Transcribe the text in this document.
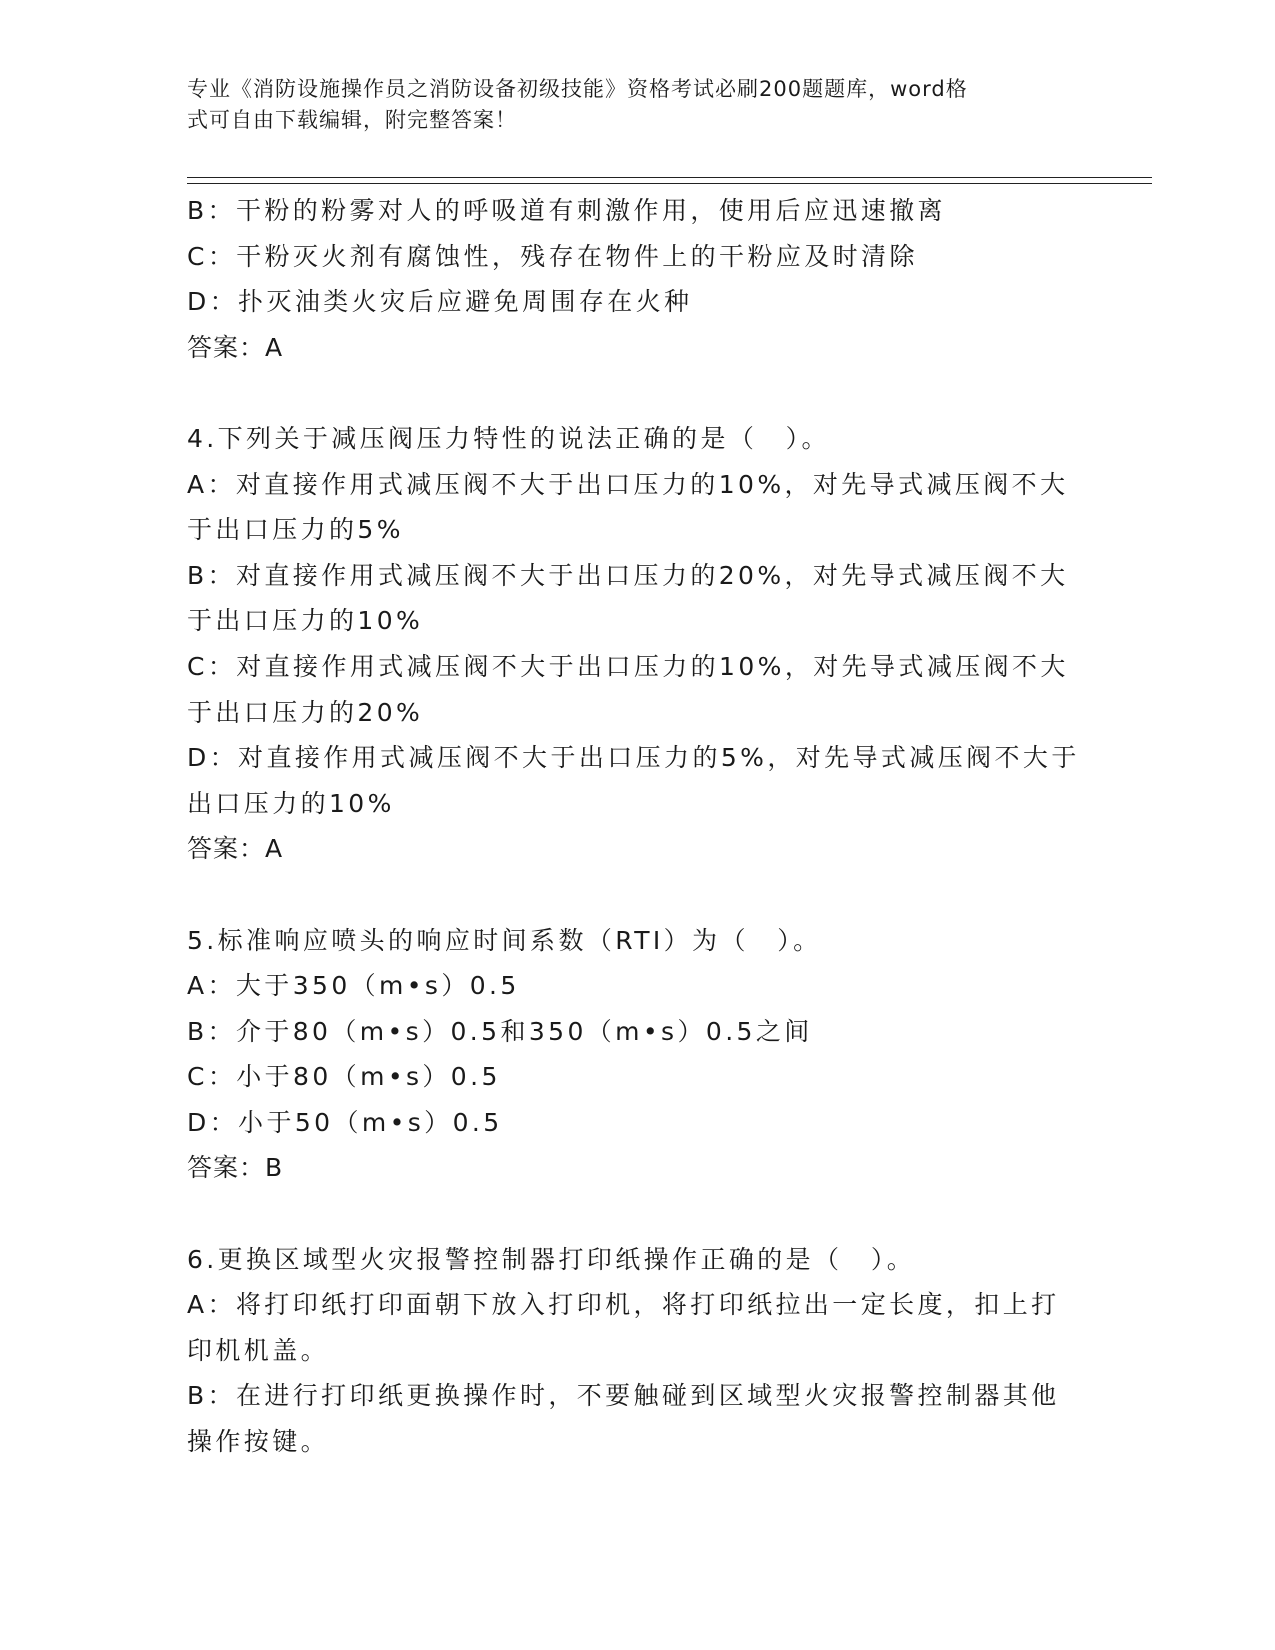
专业《消防设施操作员之消防设备初级技能》资格考试必刷200题题库，word格
式可自由下载编辑，附完整答案！

B：干粉的粉雾对人的呼吸道有刺激作用，使用后应迅速撤离

C：干粉灭火剂有腐蚀性，残存在物件上的干粉应及时清除

D：扑灭油类火灾后应避免周围存在火种

答案：A

4.下列关于减压阀压力特性的说法正确的是（　）。

A：对直接作用式减压阀不大于出口压力的10%，对先导式减压阀不大

于出口压力的5%

B：对直接作用式减压阀不大于出口压力的20%，对先导式减压阀不大

于出口压力的10%

C：对直接作用式减压阀不大于出口压力的10%，对先导式减压阀不大

于出口压力的20%

D：对直接作用式减压阀不大于出口压力的5%，对先导式减压阀不大于

出口压力的10%

答案：A

5.标准响应喷头的响应时间系数（RTI）为（　）。

A：大于350（m•s）0.5

B：介于80（m•s）0.5和350（m•s）0.5之间

C：小于80（m•s）0.5

D：小于50（m•s）0.5

答案：B

6.更换区域型火灾报警控制器打印纸操作正确的是（　）。

A：将打印纸打印面朝下放入打印机，将打印纸拉出一定长度，扣上打

印机机盖。

B：在进行打印纸更换操作时，不要触碰到区域型火灾报警控制器其他

操作按键。
